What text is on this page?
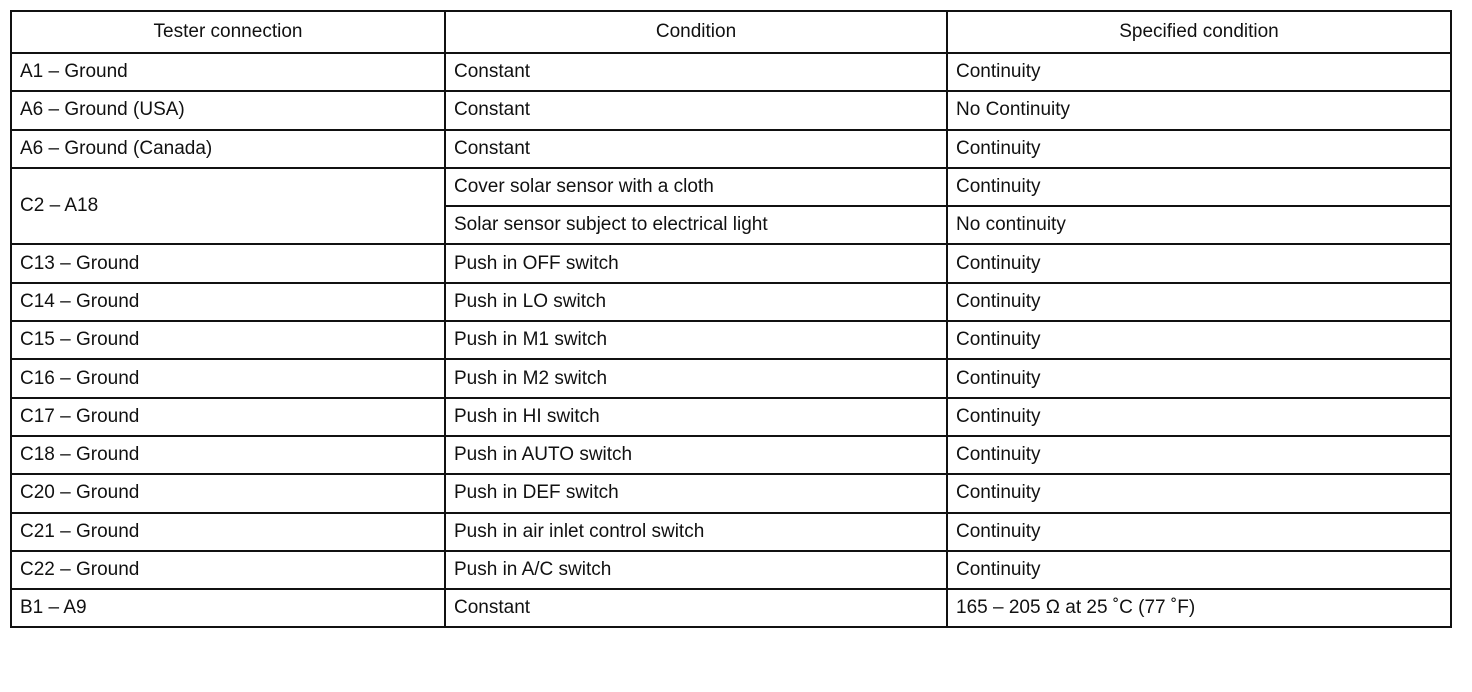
Tester connection	Condition	Specified condition
A1 – Ground	Constant	Continuity
A6 – Ground (USA)	Constant	No Continuity
A6 – Ground (Canada)	Constant	Continuity
C2 – A18	Cover solar sensor with a cloth	Continuity
	Solar sensor subject to electrical light	No continuity
C13 – Ground	Push in OFF switch	Continuity
C14 – Ground	Push in LO switch	Continuity
C15 – Ground	Push in M1 switch	Continuity
C16 – Ground	Push in M2 switch	Continuity
C17 – Ground	Push in HI switch	Continuity
C18 – Ground	Push in AUTO switch	Continuity
C20 – Ground	Push in DEF switch	Continuity
C21 – Ground	Push in air inlet control switch	Continuity
C22 – Ground	Push in A/C switch	Continuity
B1 – A9	Constant	165 – 205 Ω at 25 ˚C (77 ˚F)
